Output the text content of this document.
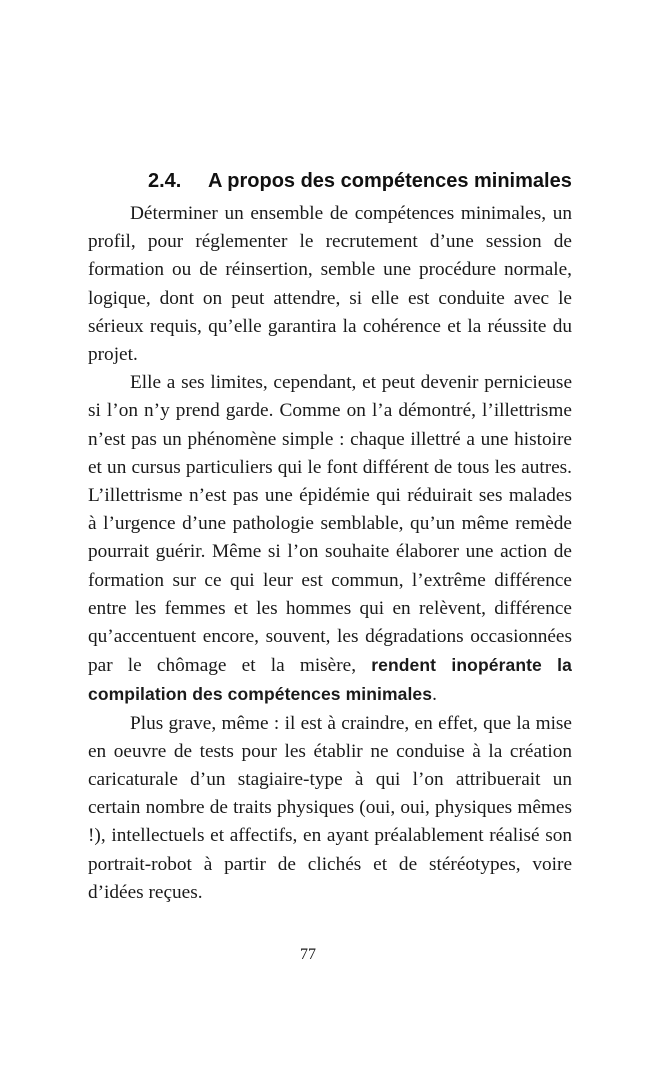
2.4. A propos des compétences minimales

Déterminer un ensemble de compétences minimales, un profil, pour réglementer le recrutement d’une session de formation ou de réinsertion, semble une procédure normale, logique, dont on peut attendre, si elle est conduite avec le sérieux requis, qu’elle garantira la cohérence et la réussite du projet.

Elle a ses limites, cependant, et peut devenir pernicieuse si l’on n’y prend garde. Comme on l’a démontré, l’illettrisme n’est pas un phénomène simple : chaque illettré a une histoire et un cursus particuliers qui le font différent de tous les autres. L’illettrisme n’est pas une épidémie qui réduirait ses malades à l’urgence d’une pathologie semblable, qu’un même remède pourrait guérir. Même si l’on souhaite élaborer une action de formation sur ce qui leur est commun, l’extrême différence entre les femmes et les hommes qui en relèvent, différence qu’accentuent encore, souvent, les dégradations occasionnées par le chômage et la misère, rendent inopérante la compilation des compétences minimales.

Plus grave, même : il est à craindre, en effet, que la mise en oeuvre de tests pour les établir ne conduise à la création caricaturale d’un stagiaire-type à qui l’on attribuerait un certain nombre de traits physiques (oui, oui, physiques mêmes !), intellectuels et affectifs, en ayant préalablement réalisé son portrait-robot à partir de clichés et de stéréotypes, voire d’idées reçues.

77
